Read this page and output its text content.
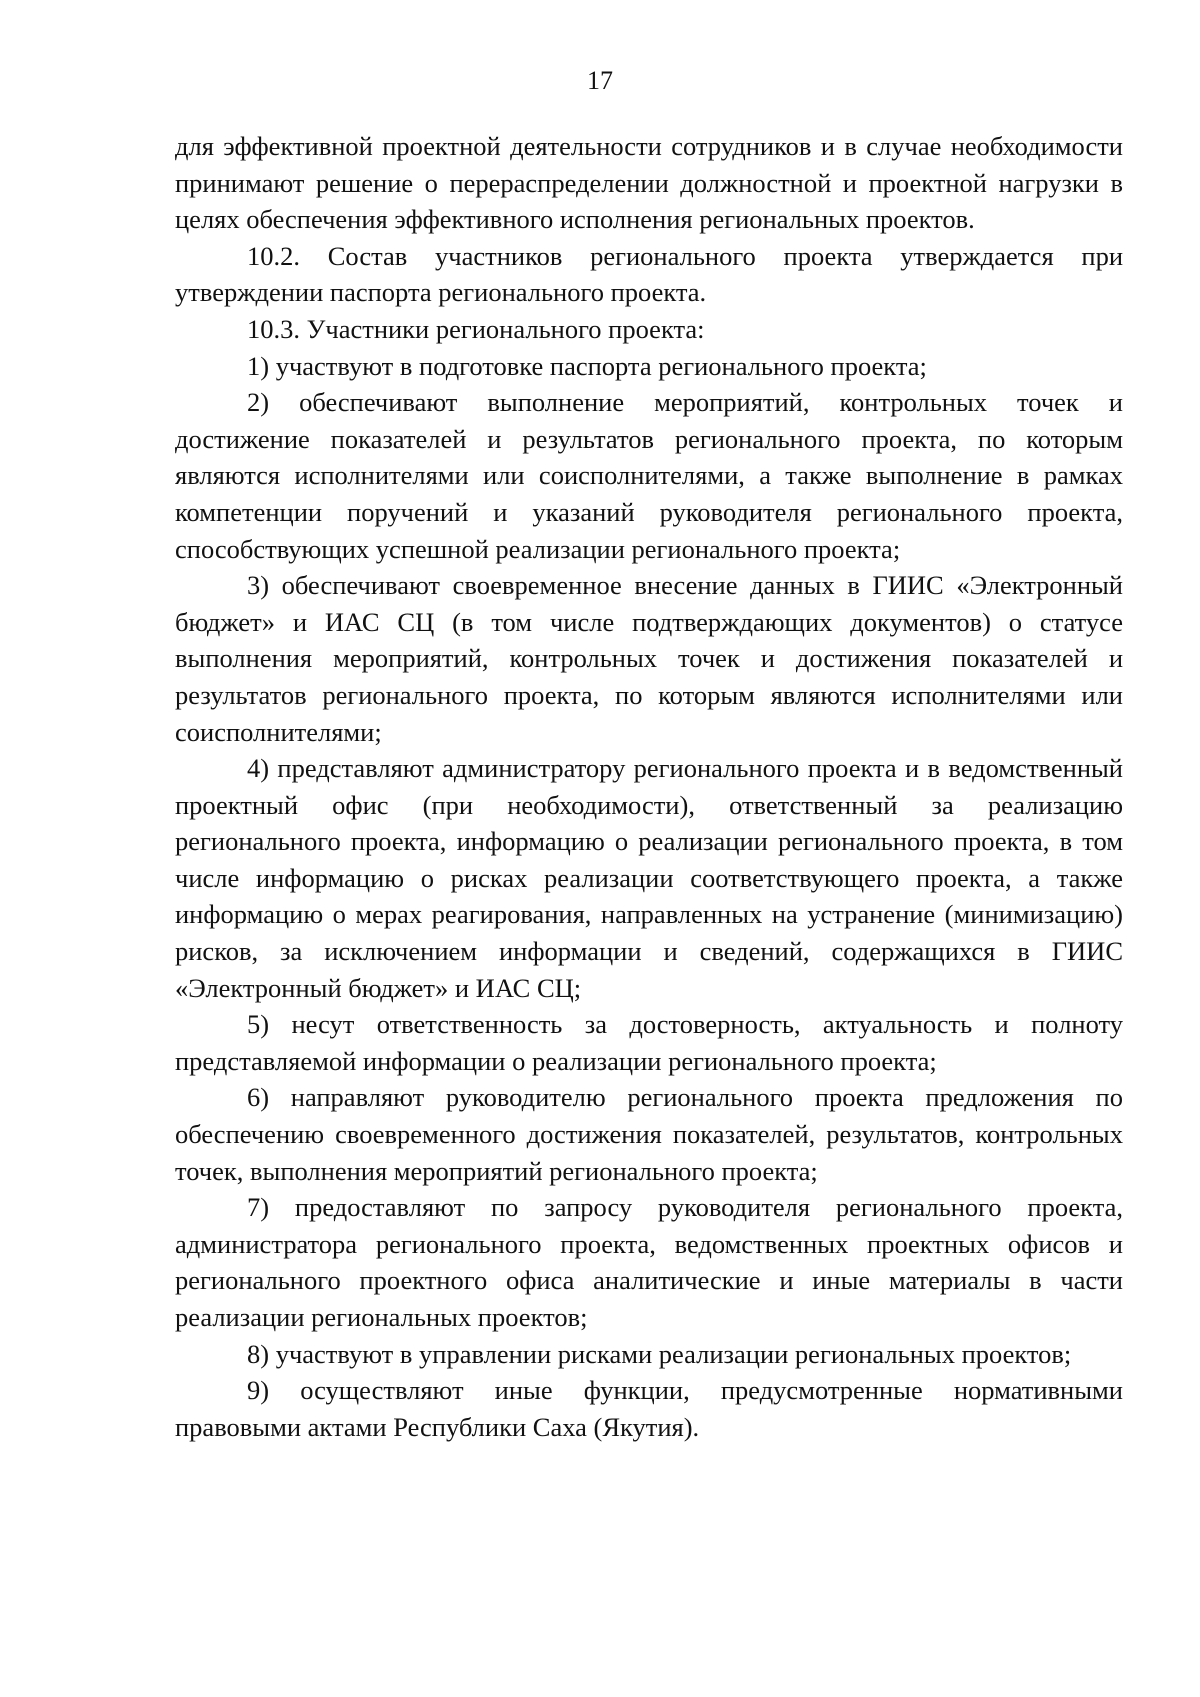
17

для эффективной проектной деятельности сотрудников и в случае необходимости принимают решение о перераспределении должностной и проектной нагрузки в целях обеспечения эффективного исполнения региональных проектов.

10.2. Состав участников регионального проекта утверждается при утверждении паспорта регионального проекта.

10.3. Участники регионального проекта:

1) участвуют в подготовке паспорта регионального проекта;

2) обеспечивают выполнение мероприятий, контрольных точек и достижение показателей и результатов регионального проекта, по которым являются исполнителями или соисполнителями, а также выполнение в рамках компетенции поручений и указаний руководителя регионального проекта, способствующих успешной реализации регионального проекта;

3) обеспечивают своевременное внесение данных в ГИИС «Электронный бюджет» и ИАС СЦ (в том числе подтверждающих документов) о статусе выполнения мероприятий, контрольных точек и достижения показателей и результатов регионального проекта, по которым являются исполнителями или соисполнителями;

4) представляют администратору регионального проекта и в ведомственный проектный офис (при необходимости), ответственный за реализацию регионального проекта, информацию о реализации регионального проекта, в том числе информацию о рисках реализации соответствующего проекта, а также информацию о мерах реагирования, направленных на устранение (минимизацию) рисков, за исключением информации и сведений, содержащихся в ГИИС «Электронный бюджет» и ИАС СЦ;

5) несут ответственность за достоверность, актуальность и полноту представляемой информации о реализации регионального проекта;

6) направляют руководителю регионального проекта предложения по обеспечению своевременного достижения показателей, результатов, контрольных точек, выполнения мероприятий регионального проекта;

7) предоставляют по запросу руководителя регионального проекта, администратора регионального проекта, ведомственных проектных офисов и регионального проектного офиса аналитические и иные материалы в части реализации региональных проектов;

8) участвуют в управлении рисками реализации региональных проектов;

9) осуществляют иные функции, предусмотренные нормативными правовыми актами Республики Саха (Якутия).
